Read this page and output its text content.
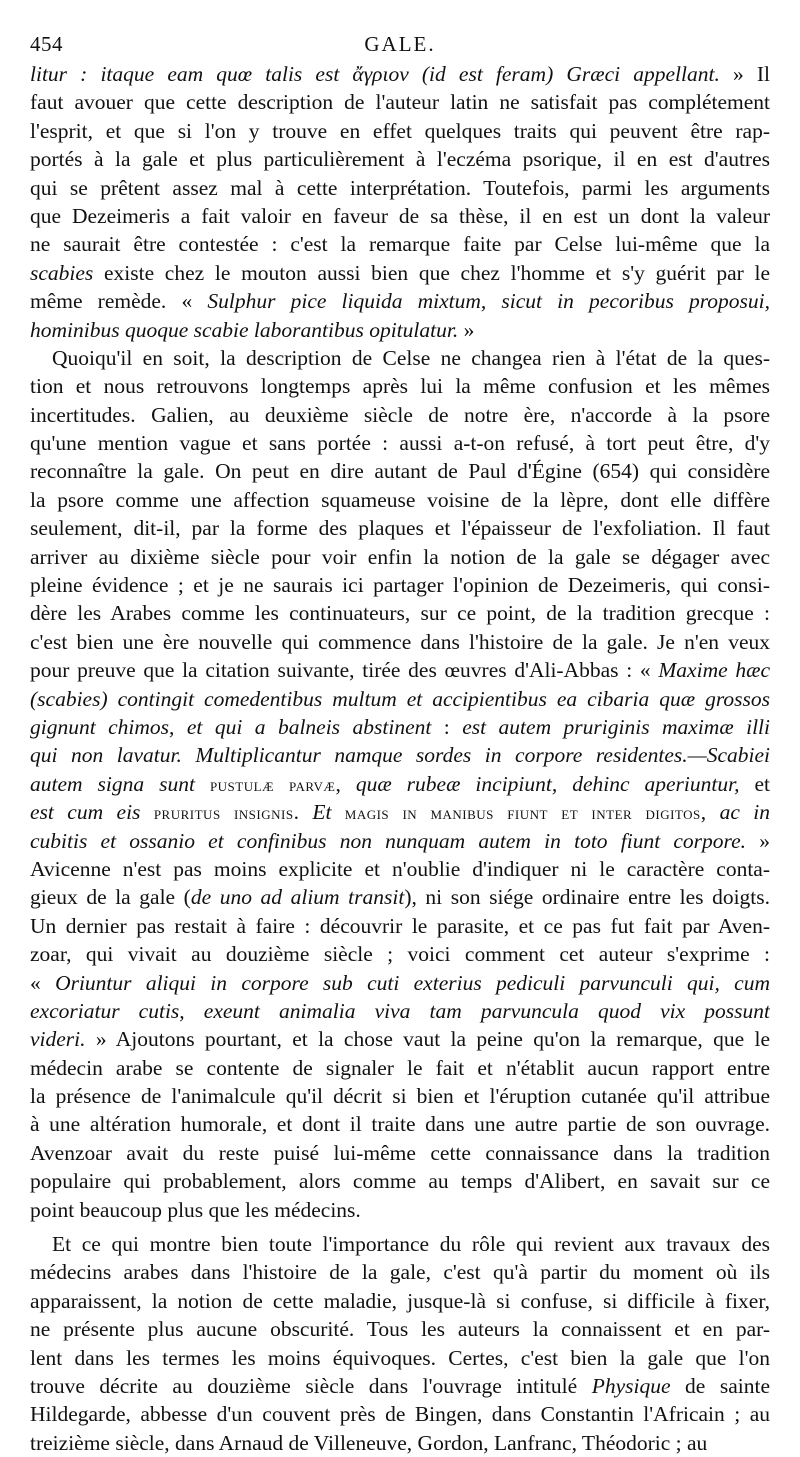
454	GALE.
litur : itaque eam quœ talis est ἄγριον (id est feram) Græci appellant. » Il
faut avouer que cette description de l'auteur latin ne satisfait pas complétement
l'esprit, et que si l'on y trouve en effet quelques traits qui peuvent être rap-
portés à la gale et plus particulièrement à l'eczéma psorique, il en est d'autres
qui se prêtent assez mal à cette interprétation. Toutefois, parmi les arguments
que Dezeimeris a fait valoir en faveur de sa thèse, il en est un dont la valeur
ne saurait être contestée : c'est la remarque faite par Celse lui-même que la
scabies existe chez le mouton aussi bien que chez l'homme et s'y guérit par le
même remède. « Sulphur pice liquida mixtum, sicut in pecoribus proposui,
hominibus quoque scabie laborantibus opitulatur. »
Quoiqu'il en soit, la description de Celse ne changea rien à l'état de la ques-
tion et nous retrouvons longtemps après lui la même confusion et les mêmes
incertitudes. Galien, au deuxième siècle de notre ère, n'accorde à la psore
qu'une mention vague et sans portée : aussi a-t-on refusé, à tort peut être, d'y
reconnaître la gale. On peut en dire autant de Paul d'Égine (654) qui considère
la psore comme une affection squameuse voisine de la lèpre, dont elle diffère
seulement, dit-il, par la forme des plaques et l'épaisseur de l'exfoliation. Il faut
arriver au dixième siècle pour voir enfin la notion de la gale se dégager avec
pleine évidence ; et je ne saurais ici partager l'opinion de Dezeimeris, qui consi-
dère les Arabes comme les continuateurs, sur ce point, de la tradition grecque :
c'est bien une ère nouvelle qui commence dans l'histoire de la gale. Je n'en veux
pour preuve que la citation suivante, tirée des œuvres d'Ali-Abbas : « Maxime hæc
(scabies) contingit comedentibus multum et accipientibus ea cibaria quæ grossos
gignunt chimos, et qui a balneis abstinent : est autem pruriginis maximæ illi
qui non lavatur. Multiplicantur namque sordes in corpore residentes.—Scabiei
autem signa sunt pustulæ parvæ, quæ rubeæ incipiunt, dehinc aperiuntur, et
est cum eis pruritus insignis. Et magis in manibus fiunt et inter digitos, ac in
cubitis et ossanio et confinibus non nunquam autem in toto fiunt corpore. »
Avicenne n'est pas moins explicite et n'oublie d'indiquer ni le caractère conta-
gieux de la gale (de uno ad alium transit), ni son siége ordinaire entre les doigts.
Un dernier pas restait à faire : découvrir le parasite, et ce pas fut fait par Aven-
zoar, qui vivait au douzième siècle ; voici comment cet auteur s'exprime :
« Oriuntur aliqui in corpore sub cuti exterius pediculi parvunculi qui, cum
excoriatur cutis, exeunt animalia viva tam parvuncula quod vix possunt
videri. » Ajoutons pourtant, et la chose vaut la peine qu'on la remarque, que le
médecin arabe se contente de signaler le fait et n'établit aucun rapport entre
la présence de l'animalcule qu'il décrit si bien et l'éruption cutanée qu'il attribue
à une altération humorale, et dont il traite dans une autre partie de son ouvrage.
Avenzoar avait du reste puisé lui-même cette connaissance dans la tradition
populaire qui probablement, alors comme au temps d'Alibert, en savait sur ce
point beaucoup plus que les médecins.
Et ce qui montre bien toute l'importance du rôle qui revient aux travaux des
médecins arabes dans l'histoire de la gale, c'est qu'à partir du moment où ils
apparaissent, la notion de cette maladie, jusque-là si confuse, si difficile à fixer,
ne présente plus aucune obscurité. Tous les auteurs la connaissent et en par-
lent dans les termes les moins équivoques. Certes, c'est bien la gale que l'on
trouve décrite au douzième siècle dans l'ouvrage intitulé Physique de sainte
Hildegarde, abbesse d'un couvent près de Bingen, dans Constantin l'Africain ; au
treizième siècle, dans Arnaud de Villeneuve, Gordon, Lanfranc, Théodoric ; au
